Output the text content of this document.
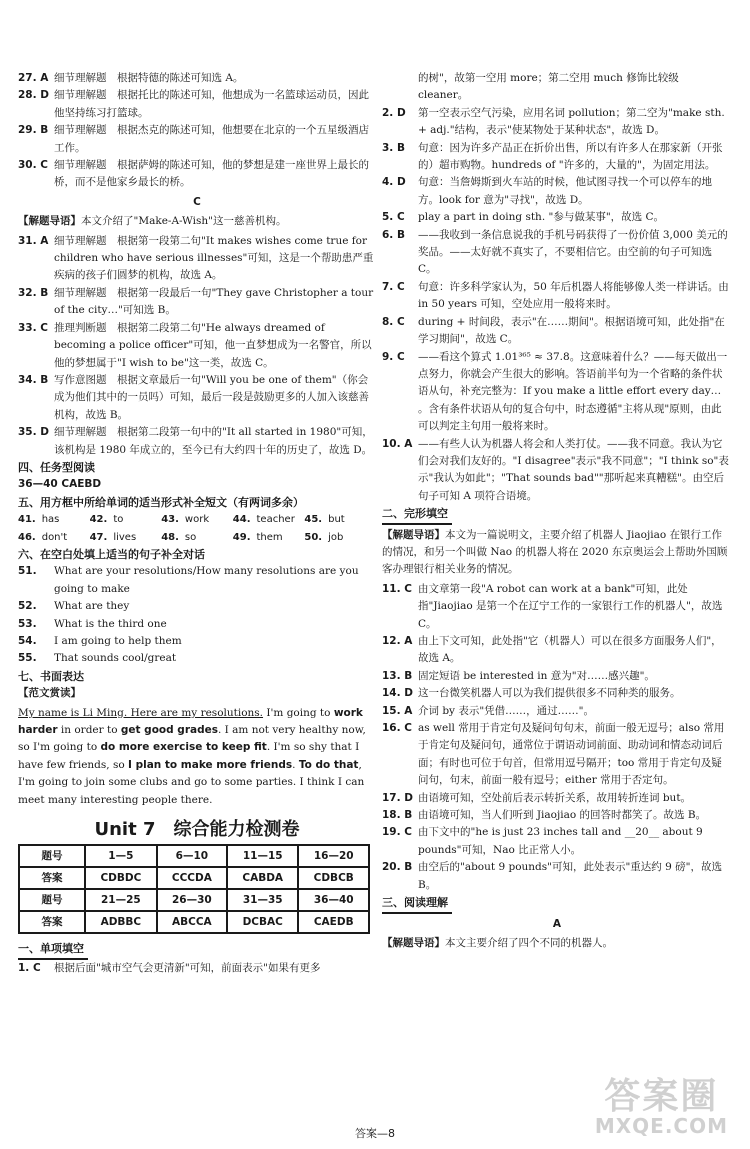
27. A 细节理解题　根据特德的陈述可知选 A。
28. D 细节理解题　根据托比的陈述可知，他想成为一名篮球运动员，因此他坚持练习打篮球。
29. B 细节理解题　根据杰克的陈述可知，他想要在北京的一个五星级酒店工作。
30. C 细节理解题　根据萨姆的陈述可知，他的梦想是建一座世界上最长的桥，而不是他家乡最长的桥。
C
【解题导语】本文介绍了"Make-A-Wish"这一慈善机构。
31. A 细节理解题　根据第一段第二句"It makes wishes come true for children who have serious illnesses"可知，这是一个帮助患严重疾病的孩子们圆梦的机构，故选 A。
32. B 细节理解题　根据第一段最后一句"They gave Christopher a tour of the city…"可知选 B。
33. C 推理判断题　根据第二段第二句"He always dreamed of becoming a police officer"可知，他一直梦想成为一名警官，所以他的梦想属于"I wish to be"这一类，故选 C。
34. B 写作意图题　根据文章最后一句"Will you be one of them"（你会成为他们其中的一员吗）可知，最后一段是鼓励更多的人加入该慈善机构，故选 B。
35. D 细节理解题　根据第二段第一句中的"It all started in 1980"可知，该机构是 1980 年成立的，至今已有大约四十年的历史了，故选 D。
四、任务型阅读
36—40 CAEBD
五、用方框中所给单词的适当形式补全短文（有两词多余）
41. has	42. to	43. work	44. teacher 45. but
46. don't	47. lives	48. so	49. them	50. job
六、在空白处填上适当的句子补全对话
51.	What are your resolutions/How many resolutions are you going to make
52.	What are they
53.	What is the third one
54.	I am going to help them
55.	That sounds cool/great
七、书面表达
【范文赏读】
My name is Li Ming. Here are my resolutions. I'm going to work harder in order to get good grades. I am not very healthy now, so I'm going to do more exercise to keep fit. I'm so shy that I have few friends, so I plan to make more friends. To do that, I'm going to join some clubs and go to some parties. I think I can meet many interesting people there.
Unit 7　综合能力检测卷
题号	1—5	6—10	11—15	16—20
答案	CDBDC	CCCDA	CABDA	CDBCB
题号	21—25	26—30	31—35	36—40
答案	ADBBC	ABCCA	DCBAC	CAEDB
一、单项填空
1. C	根据后面"城市空气会更清新"可知，前面表示"如果有更多
的树"，故第一空用 more；第二空用 much 修饰比较级 cleaner。
2. D	第一空表示空气污染，应用名词 pollution；第二空为"make sth. + adj."结构，表示"使某物处于某种状态"，故选 D。
3. B	句意：因为许多产品正在折价出售，所以有许多人在那家新（开张的）超市购物。hundreds of "许多的，大量的"，为固定用法。
4. D	句意：当詹姆斯到火车站的时候，他试图寻找一个可以停车的地方。look for 意为"寻找"，故选 D。
5. C	play a part in doing sth. "参与做某事"，故选 C。
6. B	——我收到一条信息说我的手机号码获得了一份价值 3,000 美元的奖品。——太好就不真实了，不要相信它。由空前的句子可知选 C。
7. C	句意：许多科学家认为，50 年后机器人将能够像人类一样讲话。由 in 50 years 可知，空处应用一般将来时。
8. C	during + 时间段，表示"在……期间"。根据语境可知，此处指"在学习期间"，故选 C。
9. C	——看这个算式 1.01³⁶⁵ ≈ 37.8。这意味着什么？——每天做出一点努力，你就会产生很大的影响。答语前半句为一个省略的条件状语从句，补充完整为：If you make a little effort every day… 。含有条件状语从句的复合句中，时态遵循"主将从现"原则，由此可以判定主句用一般将来时。
10. A ——有些人认为机器人将会和人类打仗。——我不同意。我认为它们会对我们友好的。"I disagree"表示"我不同意"；"I think so"表示"我认为如此"；"That sounds bad""那听起来真糟糕"。由空后句子可知 A 项符合语境。
二、完形填空
【解题导语】本文为一篇说明文，主要介绍了机器人 Jiaojiao 在银行工作的情况，和另一个叫做 Nao 的机器人将在 2020 东京奥运会上帮助外国顾客办理银行相关业务的情况。
11. C 由文章第一段"A robot can work at a bank"可知，此处指"Jiaojiao 是第一个在辽宁工作的一家银行工作的机器人"，故选 C。
12. A 由上下文可知，此处指"它（机器人）可以在很多方面服务人们"，故选 A。
13. B 固定短语 be interested in 意为"对……感兴趣"。
14. D 这一台微笑机器人可以为我们提供很多不同种类的服务。
15. A 介词 by 表示"凭借……，通过……"。
16. C as well 常用于肯定句及疑问句句末，前面一般无逗号；also 常用于肯定句及疑问句，通常位于谓语动词前面、助动词和情态动词后面；有时也可位于句首，但常用逗号隔开；too 常用于肯定句及疑问句，句末，前面一般有逗号；either 常用于否定句。
17. D 由语境可知，空处前后表示转折关系，故用转折连词 but。
18. B 由语境可知，当人们听到 Jiaojiao 的回答时都笑了。故选 B。
19. C 由下文中的"he is just 23 inches tall and __20__ about 9 pounds"可知，Nao 比正常人小。
20. B 由空后的"about 9 pounds"可知，此处表示"重达约 9 磅"，故选 B。
三、阅读理解
A
【解题导语】本文主要介绍了四个不同的机器人。
答案—8
答案圈
MXQE.COM
